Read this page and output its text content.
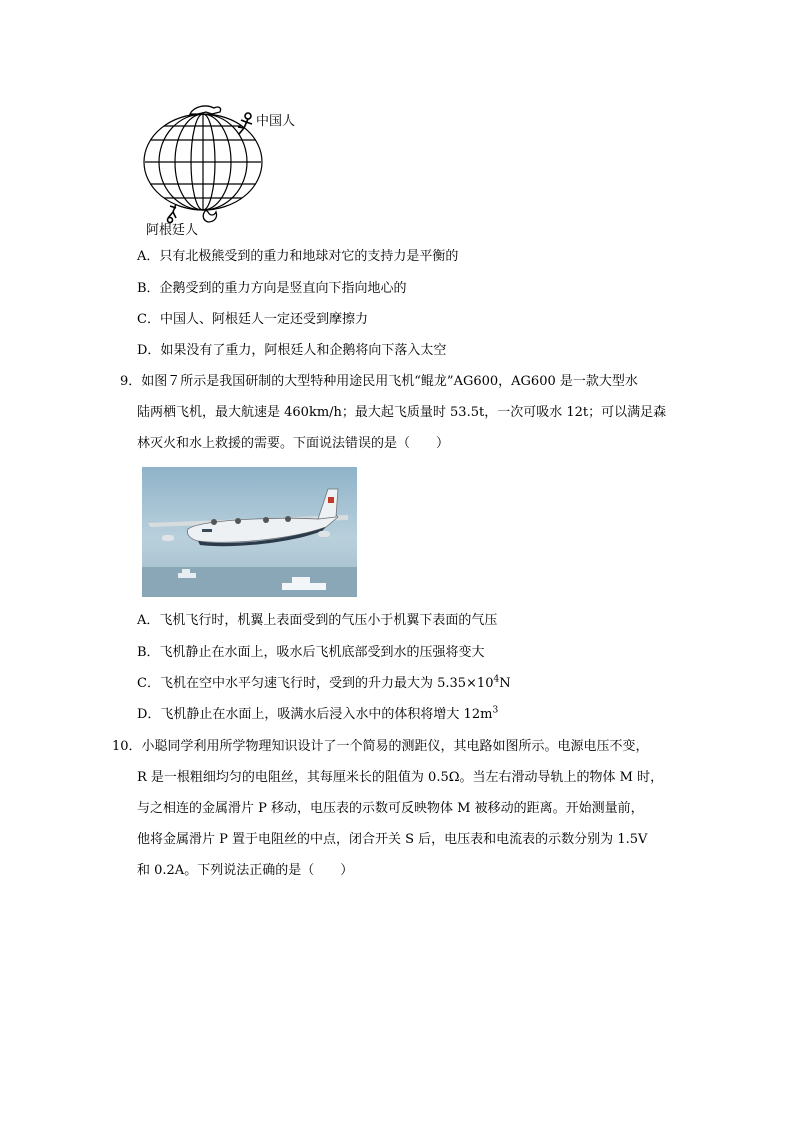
中国人
阿根廷人
A．只有北极熊受到的重力和地球对它的支持力是平衡的
B．企鹅受到的重力方向是竖直向下指向地心的
C．中国人、阿根廷人一定还受到摩擦力
D．如果没有了重力，阿根廷人和企鹅将向下落入太空
9．如图７所示是我国研制的大型特种用途民用飞机“鲲龙”AG600，AG600 是一款大型水
陆两栖飞机，最大航速是 460km/h；最大起飞质量时 53.5t，一次可吸水 12t；可以满足森
林灭火和水上救援的需要。下面说法错误的是（　　）
A．飞机飞行时，机翼上表面受到的气压小于机翼下表面的气压
B．飞机静止在水面上，吸水后飞机底部受到水的压强将变大
C．飞机在空中水平匀速飞行时，受到的升力最大为 $5.35\times 10^4N$
D．飞机静止在水面上，吸满水后浸入水中的体积将增大 $12m^3$
10．小聪同学利用所学物理知识设计了一个简易的测距仪，其电路如图所示。电源电压不变，
R 是一根粗细均匀的电阻丝，其每厘米长的阻值为 0.5Ω。当左右滑动导轨上的物体 M 时，
与之相连的金属滑片 P 移动，电压表的示数可反映物体 M 被移动的距离。开始测量前，
他将金属滑片 P 置于电阻丝的中点，闭合开关 S 后，电压表和电流表的示数分别为 1.5V
和 0.2A。下列说法正确的是（　　）
